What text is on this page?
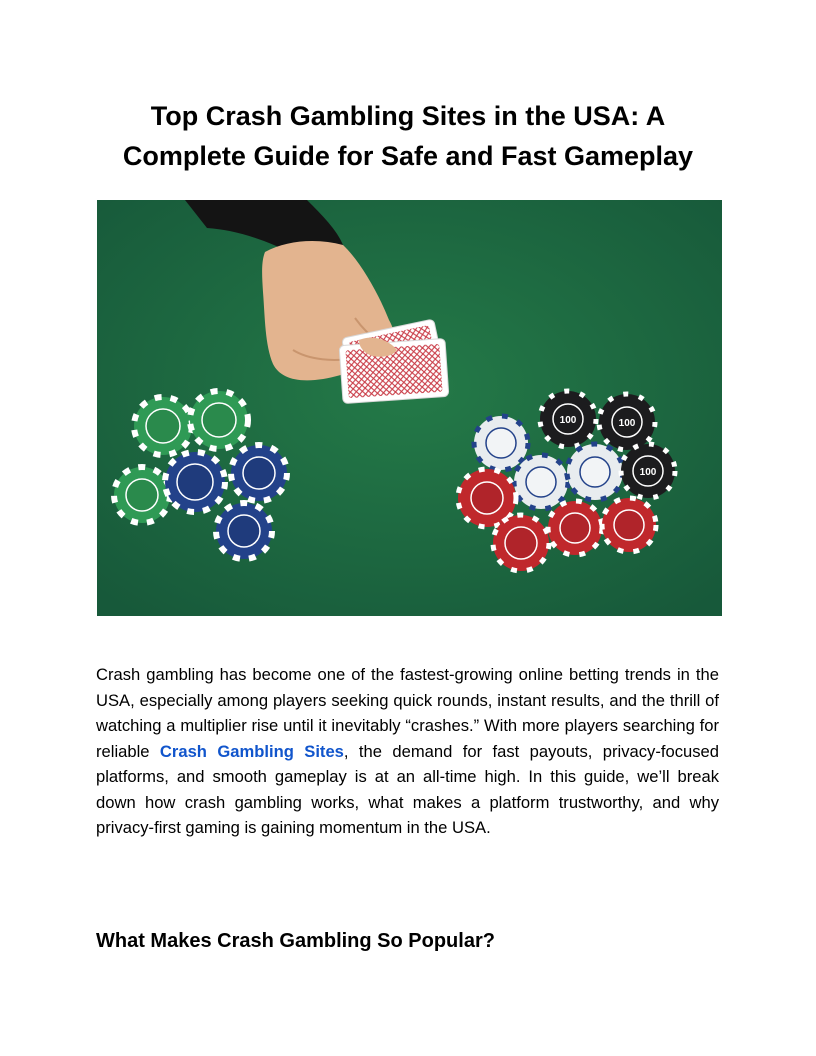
Top Crash Gambling Sites in the USA: A
Complete Guide for Safe and Fast Gameplay
100	100
100

Crash gambling has become one of the fastest-growing online betting trends in the USA, especially among players seeking quick rounds, instant results, and the thrill of watching a multiplier rise until it inevitably “crashes.” With more players searching for reliable Crash Gambling Sites, the demand for fast payouts, privacy-focused platforms, and smooth gameplay is at an all-time high. In this guide, we’ll break down how crash gambling works, what makes a platform trustworthy, and why privacy-first gaming is gaining momentum in the USA.

What Makes Crash Gambling So Popular?
